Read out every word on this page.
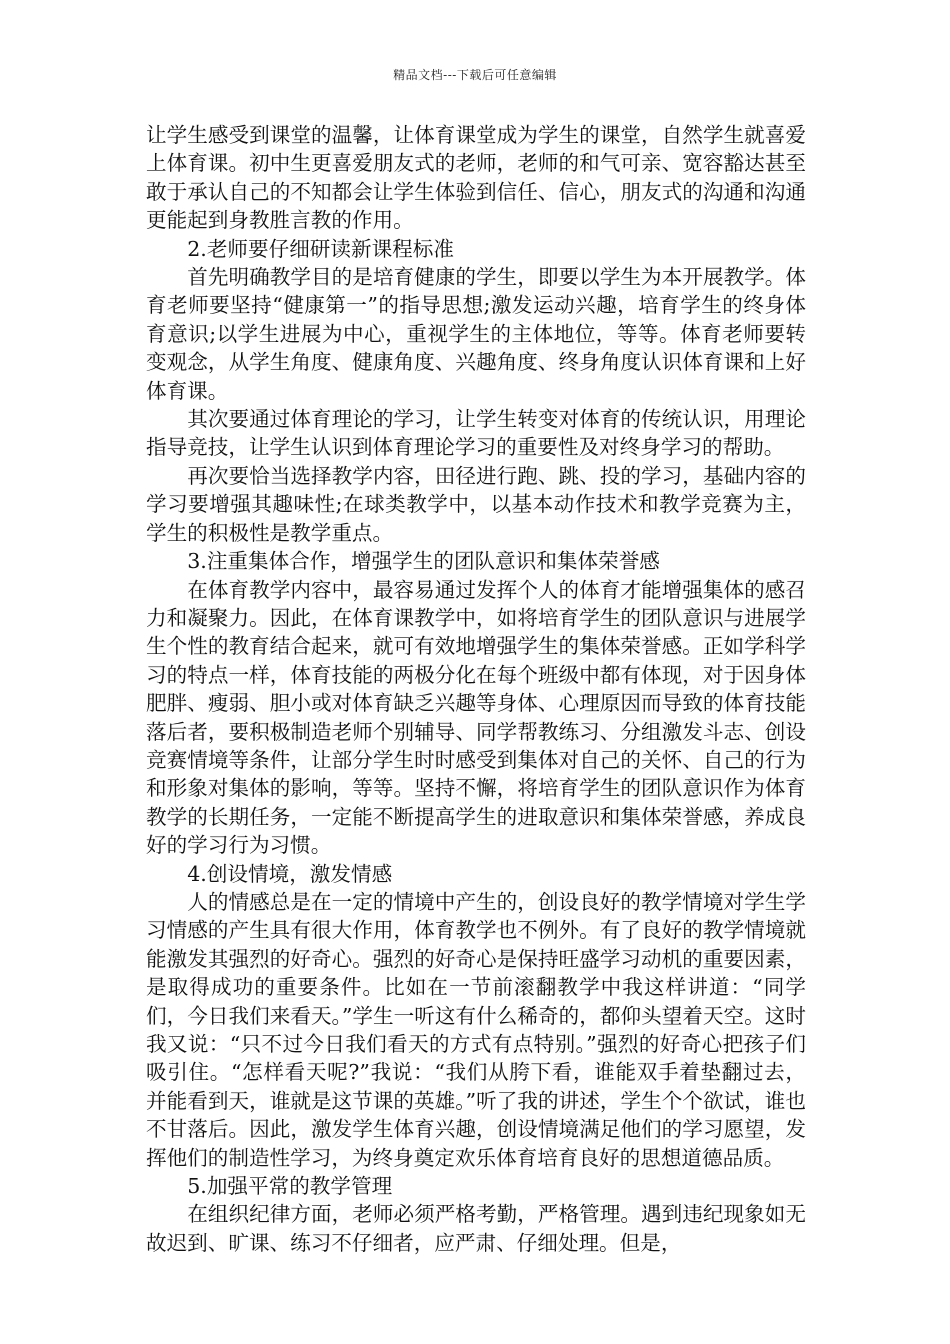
精品文档---下载后可任意编辑

让学生感受到课堂的温馨，让体育课堂成为学生的课堂，自然学生就喜爱上体育课。初中生更喜爱朋友式的老师，老师的和气可亲、宽容豁达甚至敢于承认自己的不知都会让学生体验到信任、信心，朋友式的沟通和沟通更能起到身教胜言教的作用。

2.老师要仔细研读新课程标准

首先明确教学目的是培育健康的学生，即要以学生为本开展教学。体育老师要坚持“健康第一”的指导思想;激发运动兴趣，培育学生的终身体育意识;以学生进展为中心，重视学生的主体地位，等等。体育老师要转变观念，从学生角度、健康角度、兴趣角度、终身角度认识体育课和上好体育课。

其次要通过体育理论的学习，让学生转变对体育的传统认识，用理论指导竞技，让学生认识到体育理论学习的重要性及对终身学习的帮助。

再次要恰当选择教学内容，田径进行跑、跳、投的学习，基础内容的学习要增强其趣味性;在球类教学中，以基本动作技术和教学竞赛为主，学生的积极性是教学重点。

3.注重集体合作，增强学生的团队意识和集体荣誉感

在体育教学内容中，最容易通过发挥个人的体育才能增强集体的感召力和凝聚力。因此，在体育课教学中，如将培育学生的团队意识与进展学生个性的教育结合起来，就可有效地增强学生的集体荣誉感。正如学科学习的特点一样，体育技能的两极分化在每个班级中都有体现，对于因身体肥胖、瘦弱、胆小或对体育缺乏兴趣等身体、心理原因而导致的体育技能落后者，要积极制造老师个别辅导、同学帮教练习、分组激发斗志、创设竞赛情境等条件，让部分学生时时感受到集体对自己的关怀、自己的行为和形象对集体的影响，等等。坚持不懈，将培育学生的团队意识作为体育教学的长期任务，一定能不断提高学生的进取意识和集体荣誉感，养成良好的学习行为习惯。

4.创设情境，激发情感

人的情感总是在一定的情境中产生的，创设良好的教学情境对学生学习情感的产生具有很大作用，体育教学也不例外。有了良好的教学情境就能激发其强烈的好奇心。强烈的好奇心是保持旺盛学习动机的重要因素，是取得成功的重要条件。比如在一节前滚翻教学中我这样讲道：“同学们，今日我们来看天。”学生一听这有什么稀奇的，都仰头望着天空。这时我又说：“只不过今日我们看天的方式有点特别。”强烈的好奇心把孩子们吸引住。“怎样看天呢?”我说：“我们从胯下看，谁能双手着垫翻过去，并能看到天，谁就是这节课的英雄。”听了我的讲述，学生个个欲试，谁也不甘落后。因此，激发学生体育兴趣，创设情境满足他们的学习愿望，发挥他们的制造性学习，为终身奠定欢乐体育培育良好的思想道德品质。

5.加强平常的教学管理

在组织纪律方面，老师必须严格考勤，严格管理。遇到违纪现象如无故迟到、旷课、练习不仔细者，应严肃、仔细处理。但是，
